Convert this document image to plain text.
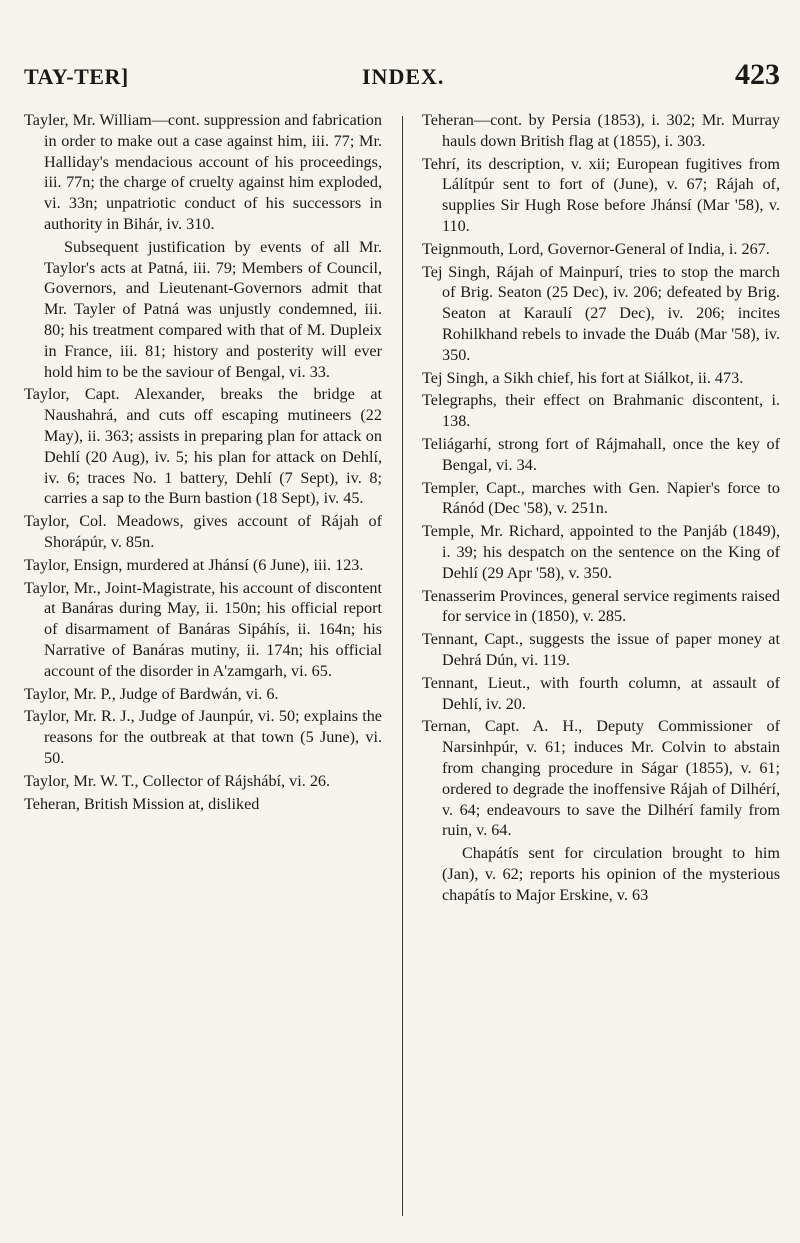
TAY-TER]	INDEX.	423

Tayler, Mr. William—cont. suppression and fabrication in order to make out a case against him, iii. 77; Mr. Halliday's mendacious account of his proceedings, iii. 77n; the charge of cruelty against him exploded, vi. 33n; unpatriotic conduct of his successors in authority in Bihár, iv. 310.

Subsequent justification by events of all Mr. Taylor's acts at Patná, iii. 79; Members of Council, Governors, and Lieutenant-Governors admit that Mr. Tayler of Patná was unjustly condemned, iii. 80; his treatment compared with that of M. Dupleix in France, iii. 81; history and posterity will ever hold him to be the saviour of Bengal, vi. 33.

Taylor, Capt. Alexander, breaks the bridge at Naushahrá, and cuts off escaping mutineers (22 May), ii. 363; assists in preparing plan for attack on Dehlí (20 Aug), iv. 5; his plan for attack on Dehlí, iv. 6; traces No. 1 battery, Dehlí (7 Sept), iv. 8; carries a sap to the Burn bastion (18 Sept), iv. 45.

Taylor, Col. Meadows, gives account of Rájah of Shorápúr, v. 85n.

Taylor, Ensign, murdered at Jhánsí (6 June), iii. 123.

Taylor, Mr., Joint-Magistrate, his account of discontent at Banáras during May, ii. 150n; his official report of disarmament of Banáras Sipáhís, ii. 164n; his Narrative of Banáras mutiny, ii. 174n; his official account of the disorder in A'zamgarh, vi. 65.

Taylor, Mr. P., Judge of Bardwán, vi. 6.

Taylor, Mr. R. J., Judge of Jaunpúr, vi. 50; explains the reasons for the outbreak at that town (5 June), vi. 50.

Taylor, Mr. W. T., Collector of Rájshábí, vi. 26.

Teheran, British Mission at, disliked

Teheran—cont. by Persia (1853), i. 302; Mr. Murray hauls down British flag at (1855), i. 303.

Tehrí, its description, v. xii; European fugitives from Lálítpúr sent to fort of (June), v. 67; Rájah of, supplies Sir Hugh Rose before Jhánsí (Mar '58), v. 110.

Teignmouth, Lord, Governor-General of India, i. 267.

Tej Singh, Rájah of Mainpurí, tries to stop the march of Brig. Seaton (25 Dec), iv. 206; defeated by Brig. Seaton at Karaulí (27 Dec), iv. 206; incites Rohilkhand rebels to invade the Duáb (Mar '58), iv. 350.

Tej Singh, a Sikh chief, his fort at Siálkot, ii. 473.

Telegraphs, their effect on Brahmanic discontent, i. 138.

Teliágarhí, strong fort of Rájmahall, once the key of Bengal, vi. 34.

Templer, Capt., marches with Gen. Napier's force to Ránód (Dec '58), v. 251n.

Temple, Mr. Richard, appointed to the Panjáb (1849), i. 39; his despatch on the sentence on the King of Dehlí (29 Apr '58), v. 350.

Tenasserim Provinces, general service regiments raised for service in (1850), v. 285.

Tennant, Capt., suggests the issue of paper money at Dehrá Dún, vi. 119.

Tennant, Lieut., with fourth column, at assault of Dehlí, iv. 20.

Ternan, Capt. A. H., Deputy Commissioner of Narsinhpúr, v. 61; induces Mr. Colvin to abstain from changing procedure in Ságar (1855), v. 61; ordered to degrade the inoffensive Rájah of Dilhérí, v. 64; endeavours to save the Dilhérí family from ruin, v. 64.

Chapátís sent for circulation brought to him (Jan), v. 62; reports his opinion of the mysterious chapátís to Major Erskine, v. 63
